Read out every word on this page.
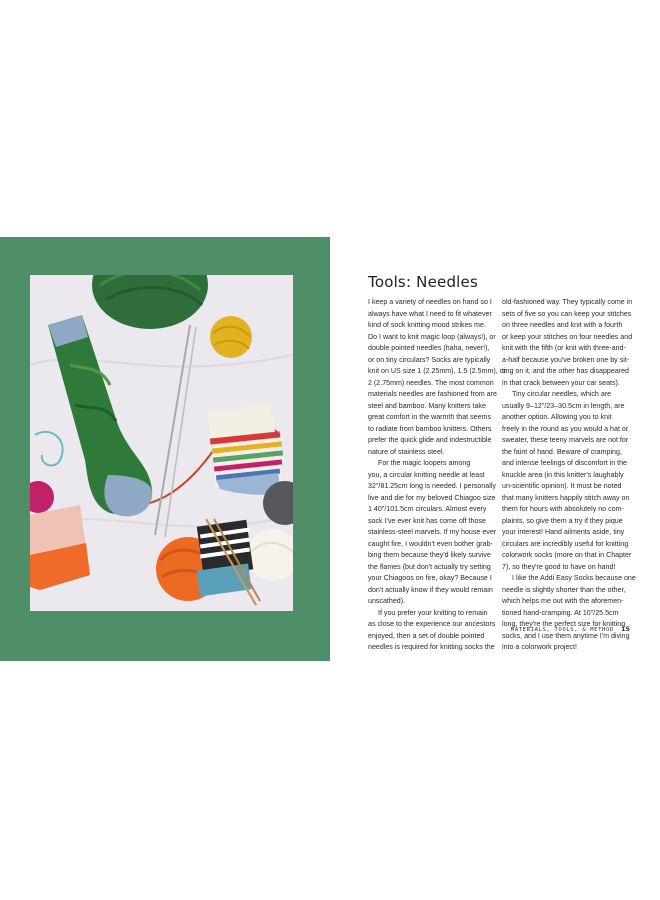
Tools: Needles

I keep a variety of needles on hand so I

always have what I need to fit whatever

kind of sock knitting mood strikes me.

Do I want to knit magic loop (always!), or

double pointed needles (haha, never!),

or on tiny circulars? Socks are typically

knit on US size 1 (2.25mm), 1.5 (2.5mm), or

2 (2.75mm) needles. The most common

materials needles are fashioned from are

steel and bamboo. Many knitters take

great comfort in the warmth that seems

to radiate from bamboo knitters. Others

prefer the quick glide and indestructible

nature of stainless steel.

For the magic loopers among

you, a circular knitting needle at least

32"/81.25cm long is needed. I personally

live and die for my beloved Chiagoo size

1 40"/101.5cm circulars. Almost every

sock I've ever knit has come off those

stainless-steel marvels. If my house ever

caught fire, I wouldn't even bother grab-

bing them because they'd likely survive

the flames (but don't actually try setting

your Chiagoos on fire, okay? Because I

don't actually know if they would remain

unscathed).

If you prefer your knitting to remain

as close to the experience our ancestors

enjoyed, then a set of double pointed

needles is required for knitting socks the

old-fashioned way. They typically come in

sets of five so you can keep your stitches

on three needles and knit with a fourth

or keep your stitches on four needles and

knit with the fifth (or knit with three-and-

a-half because you've broken one by sit-

ting on it, and the other has disappeared

in that crack between your car seats).

Tiny circular needles, which are

usually 9–12"/23–30.5cm in length, are

another option. Allowing you to knit

freely in the round as you would a hat or

sweater, these teeny marvels are not for

the faint of hand. Beware of cramping,

and intense feelings of discomfort in the

knuckle area (in this knitter's laughably

un-scientific opinion). It must be noted

that many knitters happily stitch away on

them for hours with absolutely no com-

plaints, so give them a try if they pique

your interest! Hand ailments aside, tiny

circulars are incredibly useful for knitting

colorwork socks (more on that in Chapter

7), so they're good to have on hand!

I like the Addi Easy Socks because one

needle is slightly shorter than the other,

which helps me out with the aforemen-

tioned hand-cramping. At 10"/25.5cm

long, they're the perfect size for knitting

socks, and I use them anytime I'm diving

into a colorwork project!

MATERIALS, TOOLS, & METHOD 15
